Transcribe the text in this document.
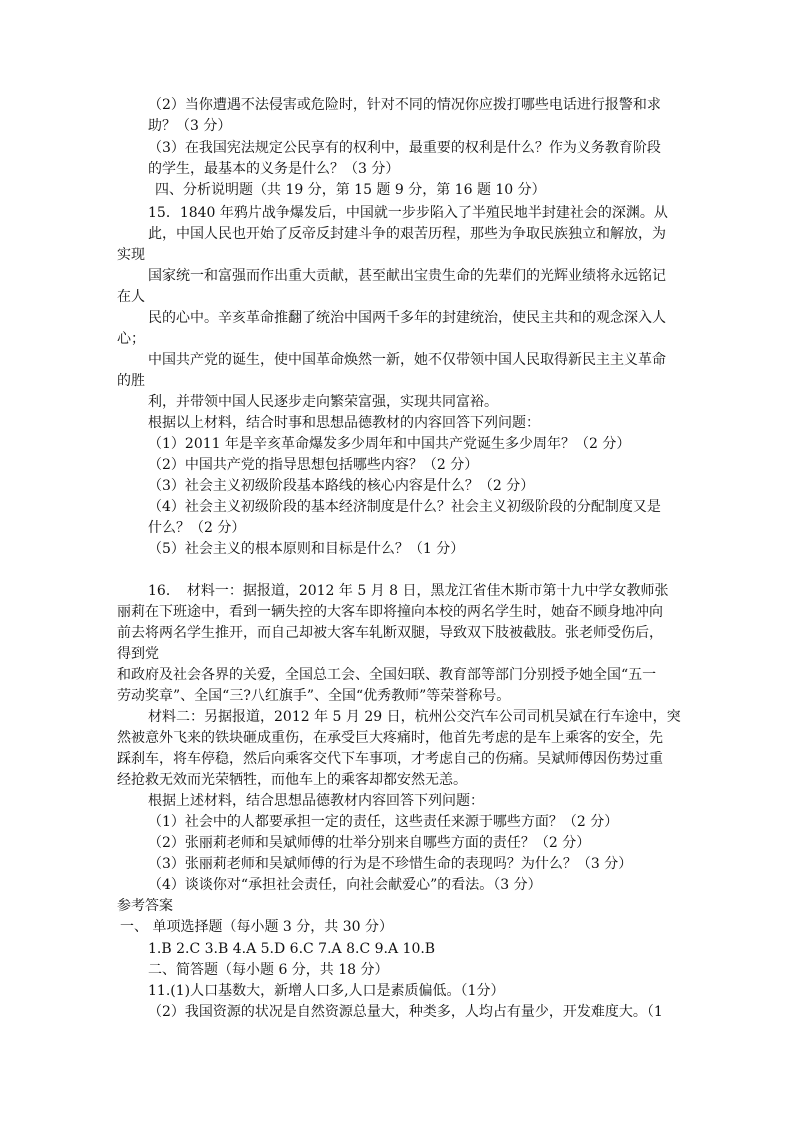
（2）当你遭遇不法侵害或危险时，针对不同的情况你应拨打哪些电话进行报警和求
助？（3 分）
（3）在我国宪法规定公民享有的权利中，最重要的权利是什么？作为义务教育阶段
的学生，最基本的义务是什么？（3 分）
四、分析说明题（共 19 分，第 15 题 9 分，第 16 题 10 分）
15．1840 年鸦片战争爆发后，中国就一步步陷入了半殖民地半封建社会的深渊。从
此，中国人民也开始了反帝反封建斗争的艰苦历程，那些为争取民族独立和解放，为
实现
国家统一和富强而作出重大贡献，甚至献出宝贵生命的先辈们的光辉业绩将永远铭记
在人
民的心中。辛亥革命推翻了统治中国两千多年的封建统治，使民主共和的观念深入人
心；
中国共产党的诞生，使中国革命焕然一新，她不仅带领中国人民取得新民主主义革命
的胜
利，并带领中国人民逐步走向繁荣富强，实现共同富裕。
根据以上材料，结合时事和思想品德教材的内容回答下列问题：
（1）2011 年是辛亥革命爆发多少周年和中国共产党诞生多少周年？（2 分）
（2）中国共产党的指导思想包括哪些内容？（2 分）
（3）社会主义初级阶段基本路线的核心内容是什么？（2 分）
（4）社会主义初级阶段的基本经济制度是什么？社会主义初级阶段的分配制度又是
什么？（2 分）
（5）社会主义的根本原则和目标是什么？（1 分）
16．　材料一：据报道，2012 年 5 月 8 日，黑龙江省佳木斯市第十九中学女教师张
丽莉在下班途中，看到一辆失控的大客车即将撞向本校的两名学生时，她奋不顾身地冲向
前去将两名学生推开，而自己却被大客车轧断双腿，导致双下肢被截肢。张老师受伤后，
得到党
和政府及社会各界的关爱，全国总工会、全国妇联、教育部等部门分别授予她全国“五一
劳动奖章”、全国“三?八红旗手”、全国“优秀教师”等荣誉称号。
材料二：另据报道，2012 年 5 月 29 日，杭州公交汽车公司司机吴斌在行车途中，突
然被意外飞来的铁块砸成重伤，在承受巨大疼痛时，他首先考虑的是车上乘客的安全，先
踩刹车，将车停稳，然后向乘客交代下车事项，才考虑自己的伤痛。吴斌师傅因伤势过重
经抢救无效而光荣牺牲，而他车上的乘客却都安然无恙。
根据上述材料，结合思想品德教材内容回答下列问题：
（1）社会中的人都要承担一定的责任，这些责任来源于哪些方面？（2 分）
（2）张丽莉老师和吴斌师傅的壮举分别来自哪些方面的责任？（2 分）
（3）张丽莉老师和吴斌师傅的行为是不珍惜生命的表现吗？为什么？（3 分）
（4）谈谈你对“承担社会责任，向社会献爱心”的看法。（3 分）
参考答案
一、 单项选择题（每小题 3 分，共 30 分）
1.B 2.C 3.B 4.A 5.D 6.C 7.A 8.C 9.A 10.B
二、简答题（每小题 6 分，共 18 分）
11.(1)人口基数大，新增人口多,人口是素质偏低。（1分）
（2）我国资源的状况是自然资源总量大，种类多，人均占有量少，开发难度大。（1
